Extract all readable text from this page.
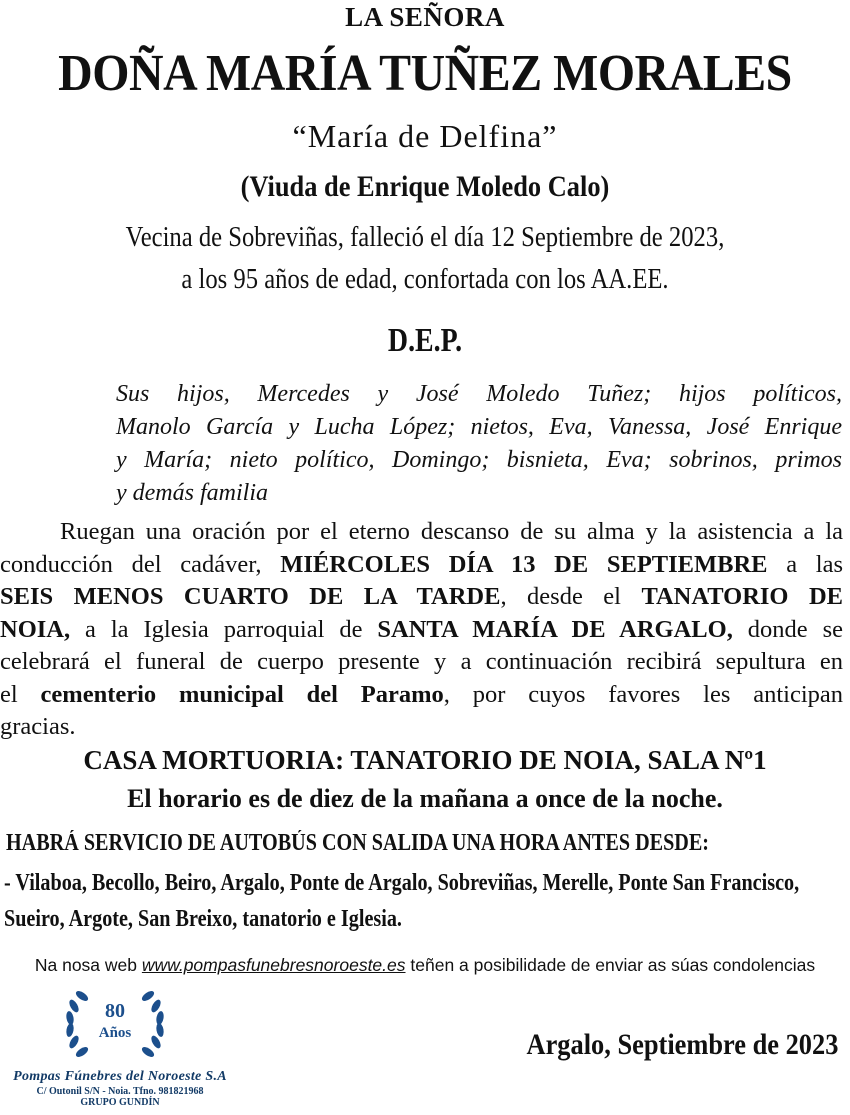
LA SEÑORA
DOÑA MARÍA TUÑEZ MORALES
“María de Delfina”
(Viuda de Enrique Moledo Calo)
Vecina de Sobreviñas, falleció el día 12 Septiembre de 2023,
a los 95 años de edad, confortada con los AA.EE.
D.E.P.
Sus hijos, Mercedes y José Moledo Tuñez; hijos políticos,
Manolo García y Lucha López; nietos, Eva, Vanessa, José Enrique
y María; nieto político, Domingo; bisnieta, Eva; sobrinos, primos
y demás familia
Ruegan una oración por el eterno descanso de su alma y la asistencia a la
conducción del cadáver, MIÉRCOLES DÍA 13 DE SEPTIEMBRE a las
SEIS MENOS CUARTO DE LA TARDE, desde el TANATORIO DE
NOIA, a la Iglesia parroquial de SANTA MARÍA DE ARGALO, donde se
celebrará el funeral de cuerpo presente y a continuación recibirá sepultura en
el cementerio municipal del Paramo, por cuyos favores les anticipan
gracias.
CASA MORTUORIA: TANATORIO DE NOIA, SALA Nº1
El horario es de diez de la mañana a once de la noche.
HABRÁ SERVICIO DE AUTOBÚS CON SALIDA UNA HORA ANTES DESDE:
- Vilaboa, Becollo, Beiro, Argalo, Ponte de Argalo, Sobreviñas, Merelle, Ponte San Francisco,
Sueiro, Argote, San Breixo, tanatorio e Iglesia.
Na nosa web www.pompasfunebresnoroeste.es teñen a posibilidade de enviar as súas condolencias
80
Años
Pompas Fúnebres del Noroeste S.A
C/ Outonil S/N - Noia. Tfno. 981821968
GRUPO GUNDÍN
Argalo, Septiembre de 2023
